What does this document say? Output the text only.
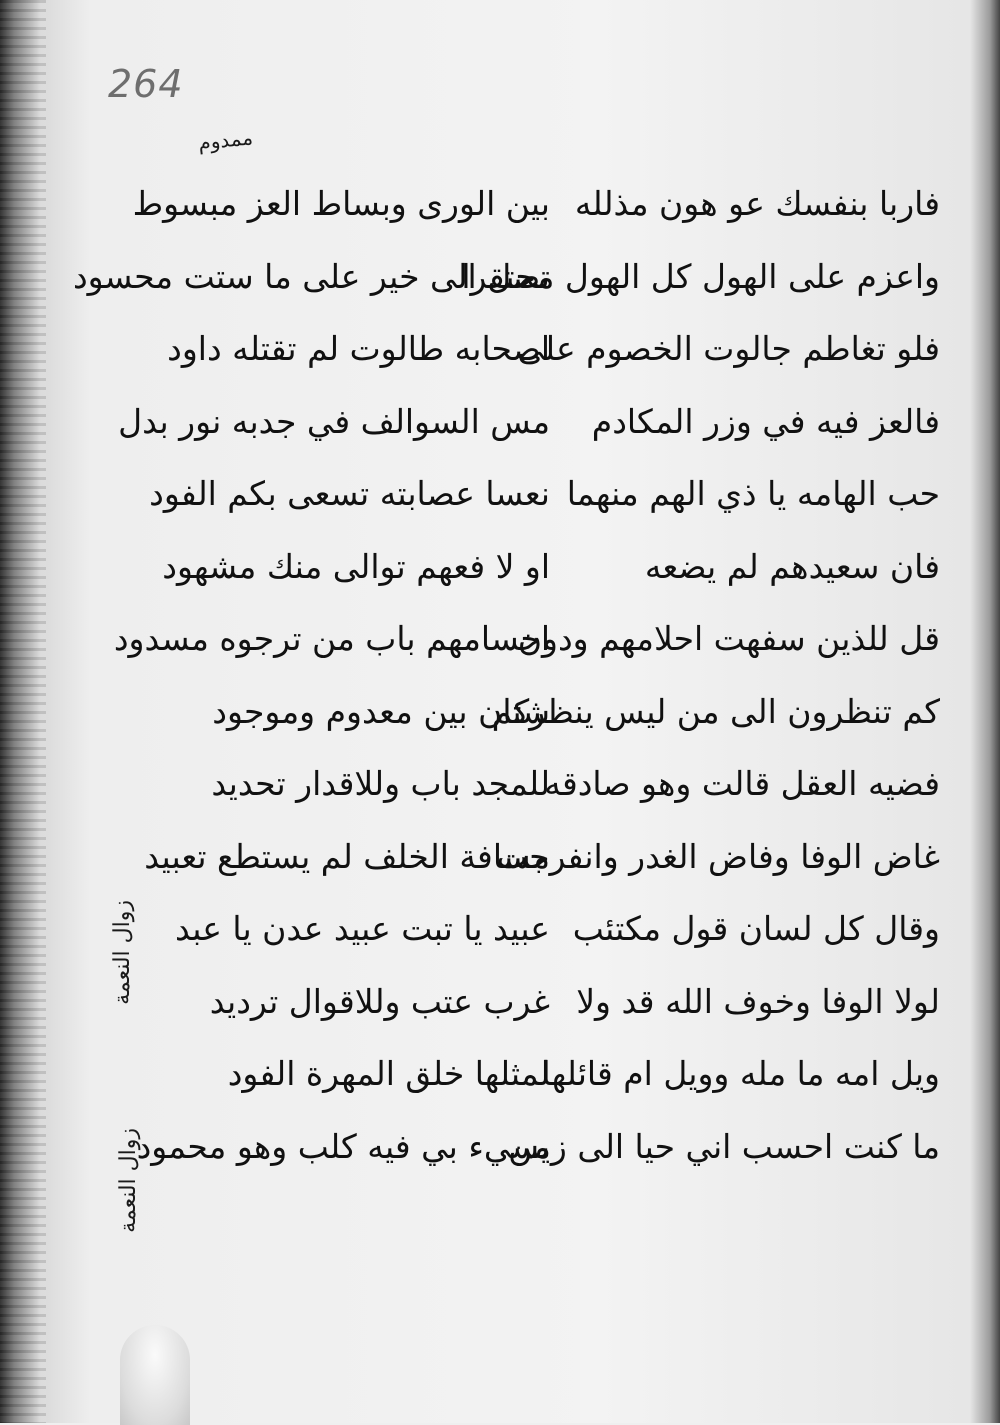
264
ممدوم
فاربا بنفسك عو هون مذلله
بين الورى وبساط العز مبسوط
واعزم على الهول كل الهول محتقرا
تصل الى خير على ما ستت محسود
فلو تغاطم جالوت الخصوم على
اصحابه طالوت لم تقتله داود
فالعز فيه في وزر المكادم
مس السوالف في جدبه نور بدل
حب الهامه يا ذي الهم منهما
نعسا عصابته تسعى بكم الفود
فان سعيدهم لم يضعه
او لا فعهم توالى منك مشهود
قل للذين سفهت احلامهم ودون
اجسامهم باب من ترجوه مسدود
كم تنظرون الى من ليس ينظركم
شتان بين معدوم وموجود
فضيه العقل قالت وهو صادقه
للمجد باب وللاقدار تحديد
غاض الوفا وفاض الغدر وانفرجت
مسافة الخلف لم يستطع تعبيد
وقال كل لسان قول مكتئب
عبيد يا تبت عبيد عدن يا عبد
لولا الوفا وخوف الله قد ولا
غرب عتب وللاقوال ترديد
ويل امه ما مله وويل ام قائلها
لمثلها خلق المهرة الفود
ما كنت احسب اني حيا الى زمن
يسيء بي فيه كلب وهو محمود
زوال النعمة
زوال النعمة
